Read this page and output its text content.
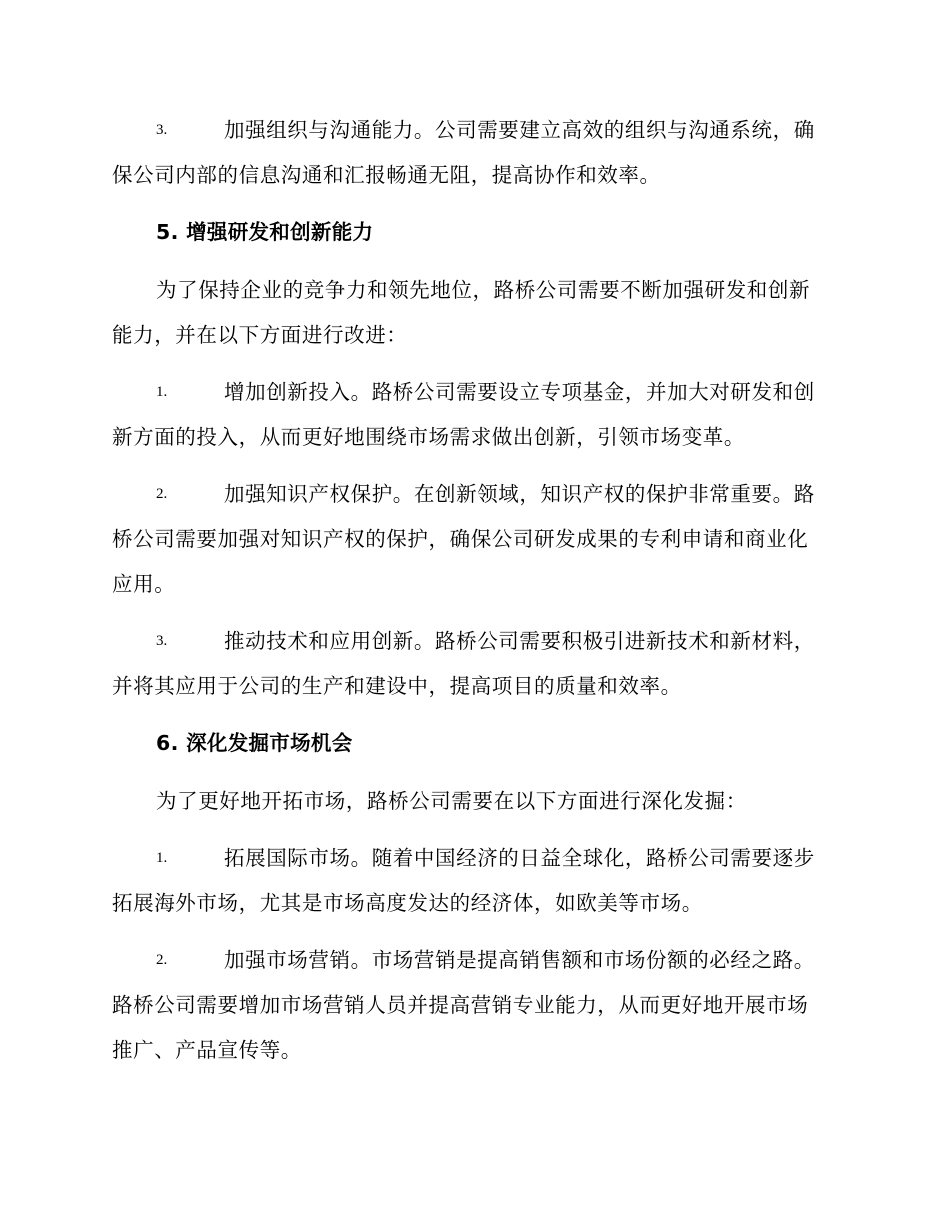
3.	加强组织与沟通能力。公司需要建立高效的组织与沟通系统，确
保公司内部的信息沟通和汇报畅通无阻，提高协作和效率。
5. 增强研发和创新能力
为了保持企业的竞争力和领先地位，路桥公司需要不断加强研发和创新
能力，并在以下方面进行改进：
1.	增加创新投入。路桥公司需要设立专项基金，并加大对研发和创
新方面的投入，从而更好地围绕市场需求做出创新，引领市场变革。
2.	加强知识产权保护。在创新领域，知识产权的保护非常重要。路
桥公司需要加强对知识产权的保护，确保公司研发成果的专利申请和商业化
应用。
3.	推动技术和应用创新。路桥公司需要积极引进新技术和新材料，
并将其应用于公司的生产和建设中，提高项目的质量和效率。
6. 深化发掘市场机会
为了更好地开拓市场，路桥公司需要在以下方面进行深化发掘：
1.	拓展国际市场。随着中国经济的日益全球化，路桥公司需要逐步
拓展海外市场，尤其是市场高度发达的经济体，如欧美等市场。
2.	加强市场营销。市场营销是提高销售额和市场份额的必经之路。
路桥公司需要增加市场营销人员并提高营销专业能力，从而更好地开展市场
推广、产品宣传等。
